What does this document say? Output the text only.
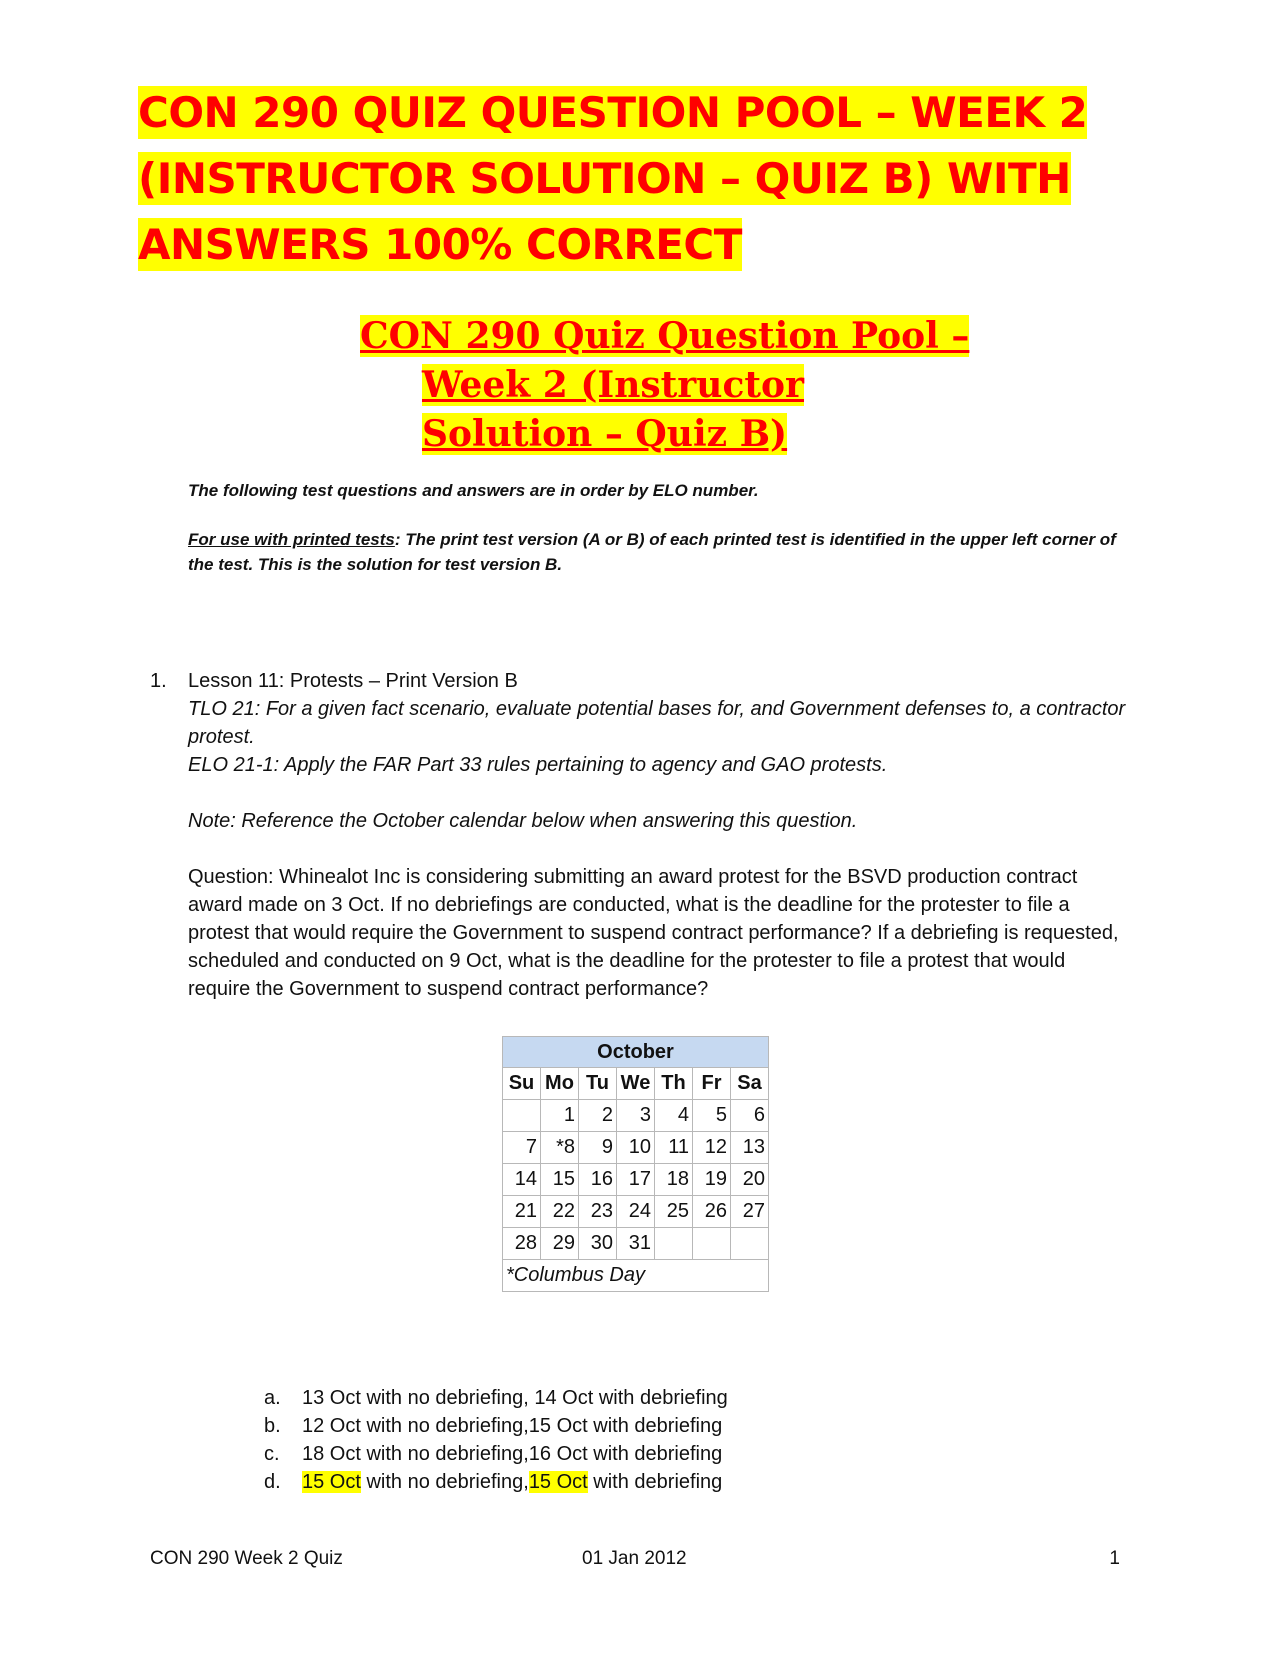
CON 290 QUIZ QUESTION POOL – WEEK 2
(INSTRUCTOR SOLUTION – QUIZ B) WITH
ANSWERS 100% CORRECT
CON 290 Quiz Question Pool –
Week 2 (Instructor
Solution – Quiz B)
The following test questions and answers are in order by ELO number.
For use with printed tests: The print test version (A or B) of each printed test is identified in the upper left corner of the test. This is the solution for test version B.
1. Lesson 11: Protests – Print Version B

TLO 21: For a given fact scenario, evaluate potential bases for, and Government defenses to, a contractor protest.

ELO 21-1: Apply the FAR Part 33 rules pertaining to agency and GAO protests.

Note: Reference the October calendar below when answering this question.

Question: Whinealot Inc is considering submitting an award protest for the BSVD production contract award made on 3 Oct. If no debriefings are conducted, what is the deadline for the protester to file a protest that would require the Government to suspend contract performance? If a debriefing is requested, scheduled and conducted on 9 Oct, what is the deadline for the protester to file a protest that would require the Government to suspend contract performance?

October						
Su	Mo	Tu	We	Th	Fr	Sa
	1	2	3	4	5	6
7	*8	9	10	11	12	13
14	15	16	17	18	19	20
21	22	23	24	25	26	27
28	29	30	31			
*Columbus Day						
a. 13 Oct with no debriefing, 14 Oct with debriefing
b. 12 Oct with no debriefing,15 Oct with debriefing
c. 18 Oct with no debriefing,16 Oct with debriefing
d. 15 Oct with no debriefing,15 Oct with debriefing
CON 290 Week 2 Quiz	01 Jan 2012	1
